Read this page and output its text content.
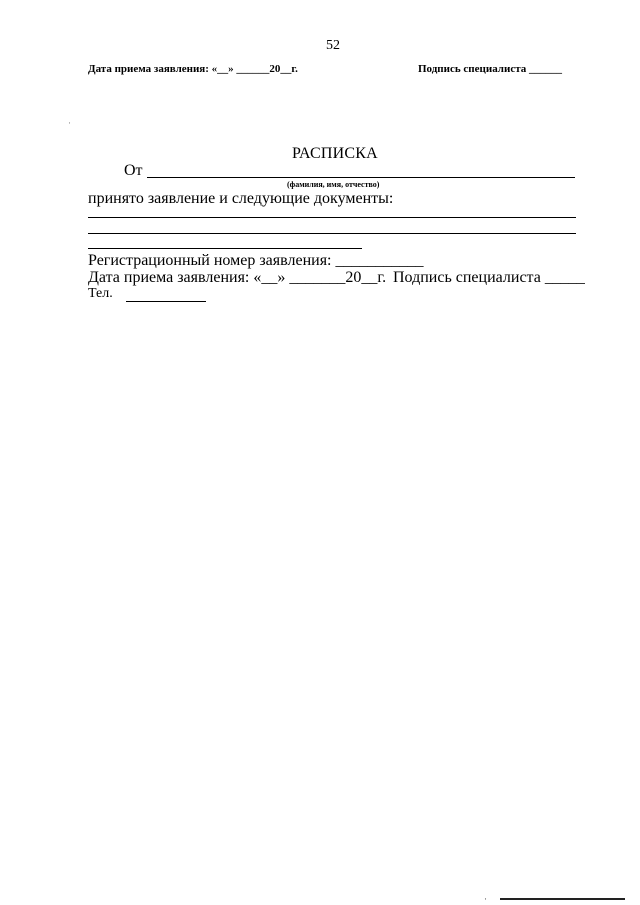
52
Дата приема заявления: «__» ______20__г.	Подпись специалиста ______
·
РАСПИСКА
От
(фамилия, имя, отчество)
принято заявление и следующие документы:
Регистрационный номер заявления: ___________
Дата приема заявления: «__» _______20__г. Подпись специалиста _____
Тел.
·
